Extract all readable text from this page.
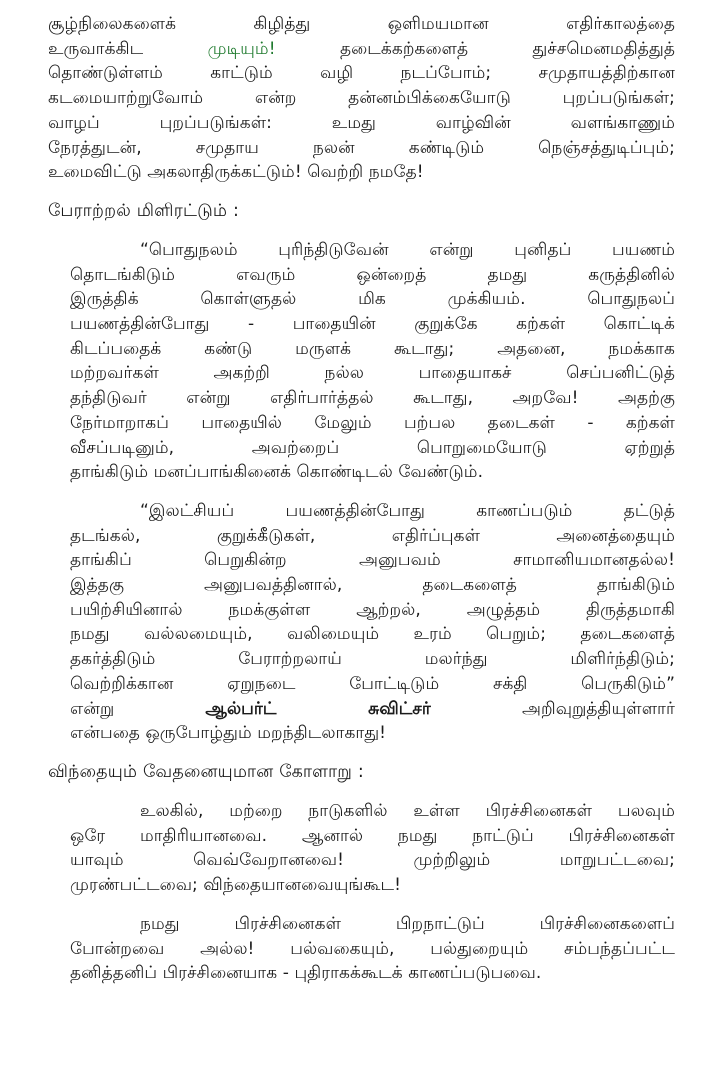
சூழ்நிலைகளைக் கிழித்து ஒளிமயமான எதிர்காலத்தை
உருவாக்கிட முடியும்! தடைக்கற்களைத் துச்சமெனமதித்துத்
தொண்டுள்ளம் காட்டும் வழி நடப்போம்; சமுதாயத்திற்கான
கடமையாற்றுவோம் என்ற தன்னம்பிக்கையோடு புறப்படுங்கள்;
வாழப் புறப்படுங்கள்: உமது வாழ்வின் வளங்காணும்
நேரத்துடன், சமுதாய நலன் கண்டிடும் நெஞ்சத்துடிப்பும்;
உமைவிட்டு அகலாதிருக்கட்டும்! வெற்றி நமதே!
பேராற்றல் மிளிரட்டும் :
“பொதுநலம் புரிந்திடுவேன் என்று புனிதப் பயணம்
தொடங்கிடும் எவரும் ஒன்றைத் தமது கருத்தினில்
இருத்திக் கொள்ளுதல் மிக முக்கியம். பொதுநலப்
பயணத்தின்போது - பாதையின் குறுக்கே கற்கள் கொட்டிக்
கிடப்பதைக் கண்டு மருளக் கூடாது; அதனை, நமக்காக
மற்றவர்கள் அகற்றி நல்ல பாதையாகச் செப்பனிட்டுத்
தந்திடுவர் என்று எதிர்பார்த்தல் கூடாது, அறவே! அதற்கு
நேர்மாறாகப் பாதையில் மேலும் பற்பல தடைகள் - கற்கள்
வீசப்படினும், அவற்றைப் பொறுமையோடு ஏற்றுத்
தாங்கிடும் மனப்பாங்கினைக் கொண்டிடல் வேண்டும்.
“இலட்சியப் பயணத்தின்போது காணப்படும் தட்டுத்
தடங்கல், குறுக்கீடுகள், எதிர்ப்புகள் அனைத்தையும்
தாங்கிப் பெறுகின்ற அனுபவம் சாமானியமானதல்ல!
இத்தகு அனுபவத்தினால், தடைகளைத் தாங்கிடும்
பயிற்சியினால் நமக்குள்ள ஆற்றல், அழுத்தம் திருத்தமாகி
நமது வல்லமையும், வலிமையும் உரம் பெறும்; தடைகளைத்
தகர்த்திடும் பேராற்றலாய் மலர்ந்து மிளிர்ந்திடும்;
வெற்றிக்கான ஏறுநடை போட்டிடும் சக்தி பெருகிடும்”
என்று ஆல்பர்ட் சுவிட்சர் அறிவுறுத்தியுள்ளார்
என்பதை ஒருபோழ்தும் மறந்திடலாகாது!
விந்தையும் வேதனையுமான கோளாறு :
உலகில், மற்றை நாடுகளில் உள்ள பிரச்சினைகள் பலவும்
ஒரே மாதிரியானவை. ஆனால் நமது நாட்டுப் பிரச்சினைகள்
யாவும் வெவ்வேறானவை! முற்றிலும் மாறுபட்டவை;
முரண்பட்டவை; விந்தையானவையுங்கூட!
நமது பிரச்சினைகள் பிறநாட்டுப் பிரச்சினைகளைப்
போன்றவை அல்ல! பல்வகையும், பல்துறையும் சம்பந்தப்பட்ட
தனித்தனிப் பிரச்சினையாக - புதிராகக்கூடக் காணப்படுபவை.
